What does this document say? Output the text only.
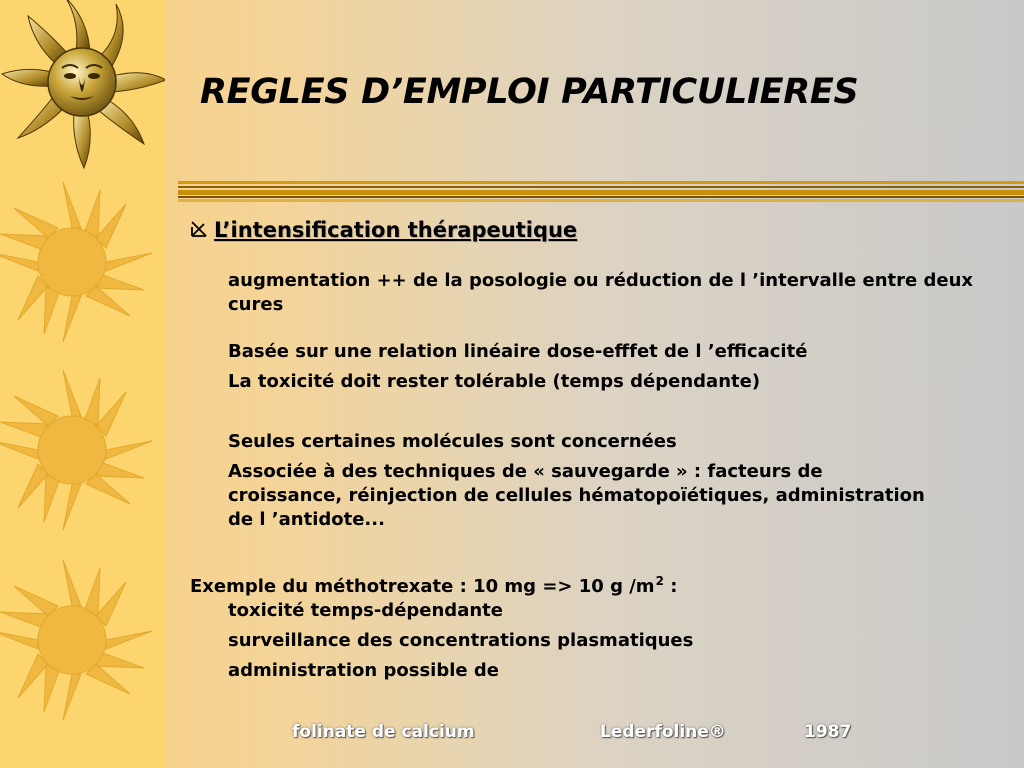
REGLES D’EMPLOI PARTICULIERES
L’intensification thérapeutique

augmentation ++ de la posologie ou réduction de l ’intervalle entre deux cures

Basée sur une relation linéaire dose-efffet de l ’efficacité

La toxicité doit rester tolérable (temps dépendante)

Seules certaines molécules sont concernées

Associée à des techniques de « sauvegarde » : facteurs de croissance, réinjection de cellules hématopoïétiques, administration de l ’antidote...

Exemple du méthotrexate : 10 mg => 10 g $/m^2$ :

toxicité temps-dépendante

surveillance des concentrations plasmatiques

administration possible de

folinate de calcium	Lederfoline®	1987
